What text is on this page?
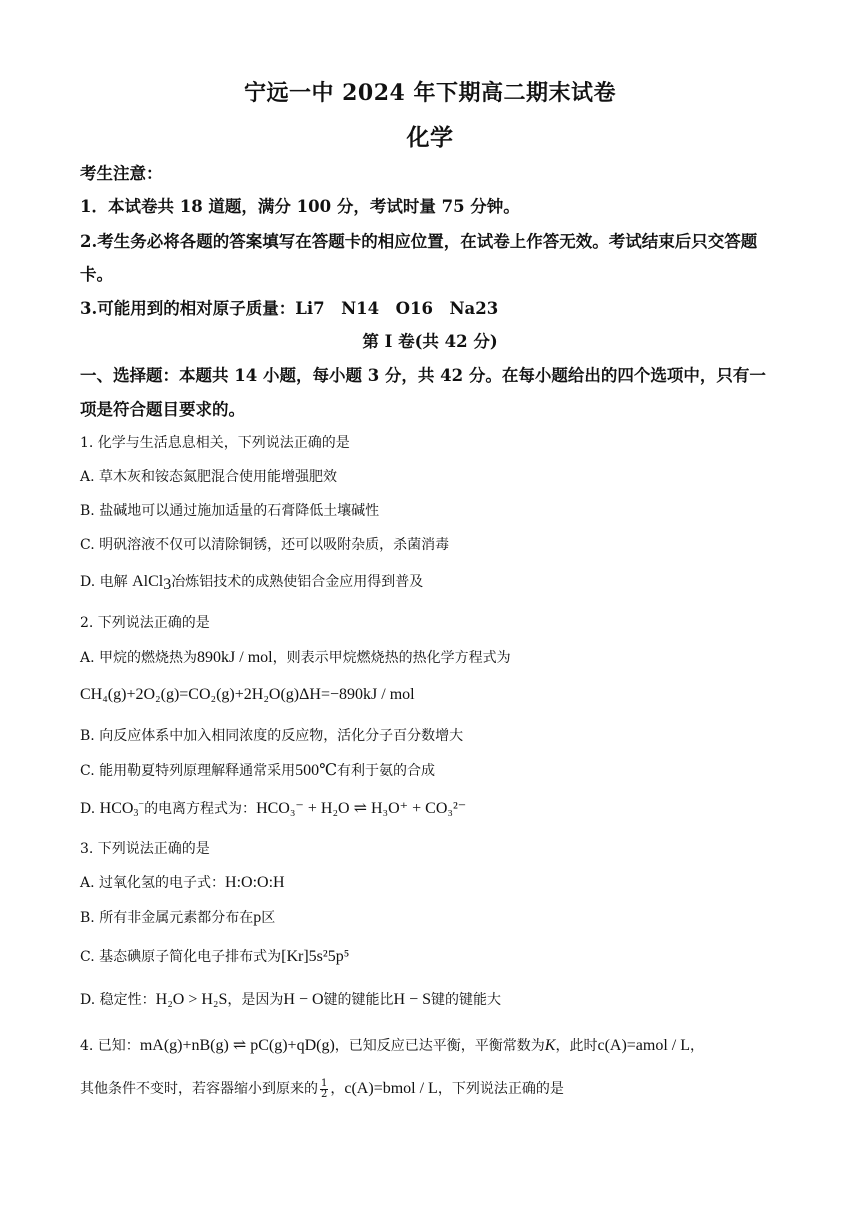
宁远一中 2024 年下期高二期末试卷
化学
考生注意：
1．本试卷共 18 道题，满分 100 分，考试时量 75 分钟。
2.考生务必将各题的答案填写在答题卡的相应位置，在试卷上作答无效。考试结束后只交答题
卡。
3.可能用到的相对原子质量：Li7　N14　O16　Na23
第 I 卷(共 42 分)
一、选择题：本题共 14 小题，每小题 3 分，共 42 分。在每小题给出的四个选项中，只有一
项是符合题目要求的。
1. 化学与生活息息相关，下列说法正确的是
A. 草木灰和铵态氮肥混合使用能增强肥效
B. 盐碱地可以通过施加适量的石膏降低土壤碱性
C. 明矾溶液不仅可以清除铜锈，还可以吸附杂质，杀菌消毒
D. 电解 AlCl$_3$冶炼铝技术的成熟使铝合金应用得到普及
2. 下列说法正确的是
A. 甲烷的燃烧热为890kJ / mol，则表示甲烷燃烧热的热化学方程式为
CH₄(g)+2O₂(g)=CO₂(g)+2H₂O(g)ΔH=−890kJ / mol
B. 向反应体系中加入相同浓度的反应物，活化分子百分数增大
C. 能用勒夏特列原理解释通常采用500℃有利于氨的合成
D. $HCO_3^-$的电离方程式为：HCO₃⁻ + H₂O ⇌ H₃O⁺ + CO₃²⁻
3. 下列说法正确的是
A. 过氧化氢的电子式：H:O:O:H
B. 所有非金属元素都分布在p区
C. 基态碘原子简化电子排布式为[Kr]5s²5p⁵
D. 稳定性：H₂O > H₂S，是因为H − O键的键能比H − S键的键能大
4. 已知：mA(g)+nB(g) ⇌ pC(g)+qD(g)，已知反应已达平衡，平衡常数为K，此时c(A)=amol / L，
其他条件不变时，若容器缩小到原来的 $\frac{1}{2}$ ，c(A)=bmol / L，下列说法正确的是
